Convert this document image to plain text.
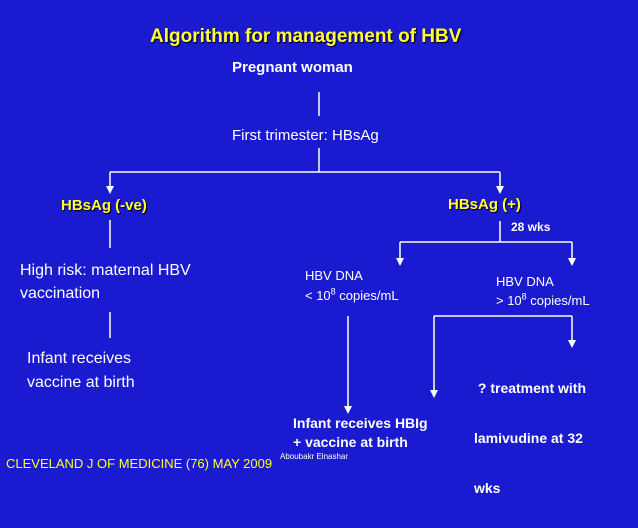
Algorithm for management of HBV
Pregnant woman
First trimester: HBsAg
HBsAg (-ve)	HBsAg (+)
28 wks
High risk: maternal HBV
vaccination
Infant receives
vaccine at birth
HBV DNA
< $10^8$ copies/mL
HBV DNA
> $10^8$ copies/mL

? treatment with

lamivudine at 32

wks

Infant receives HBIg
+ vaccine at birth
CLEVELAND J OF MEDICINE (76) MAY 2009 Aboubakr Elnashar
